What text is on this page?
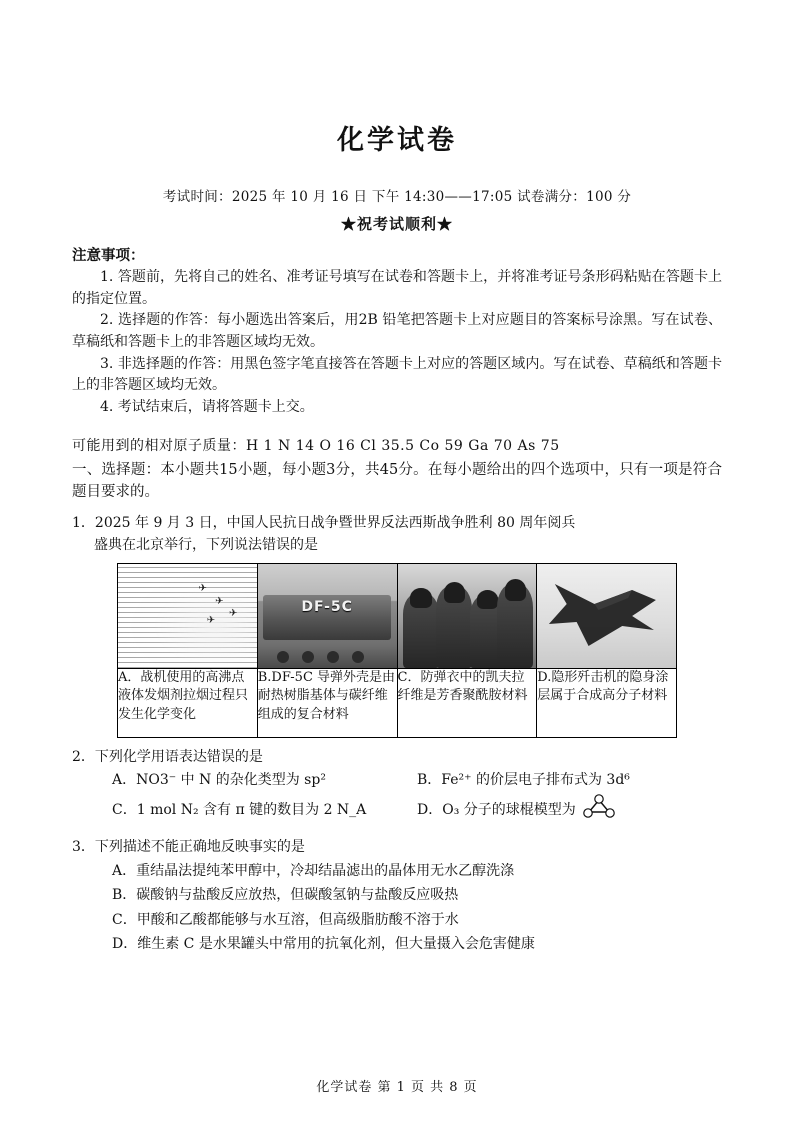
化学试卷
考试时间：2025 年 10 月 16 日 下午 14:30——17:05 试卷满分：100 分
★祝考试顺利★
注意事项：
1. 答题前，先将自己的姓名、准考证号填写在试卷和答题卡上，并将准考证号条形码粘贴在答题卡上的指定位置。
2. 选择题的作答：每小题选出答案后，用2B 铅笔把答题卡上对应题目的答案标号涂黑。写在试卷、草稿纸和答题卡上的非答题区域均无效。
3. 非选择题的作答：用黑色签字笔直接答在答题卡上对应的答题区域内。写在试卷、草稿纸和答题卡上的非答题区域均无效。
4. 考试结束后，请将答题卡上交。
可能用到的相对原子质量：H 1 N 14 O 16 Cl 35.5 Co 59 Ga 70 As 75
一、选择题：本小题共15小题，每小题3分，共45分。在每小题给出的四个选项中，只有一项是符合题目要求的。
1．2025 年 9 月 3 日，中国人民抗日战争暨世界反法西斯战争胜利 80 周年阅兵
盛典在北京举行，下列说法错误的是
✈
✈
✈
✈

DF-5C

A．战机使用的高沸点液体发烟剂拉烟过程只发生化学变化	B.DF-5C 导弹外壳是由耐热树脂基体与碳纤维组成的复合材料	C．防弹衣中的凯夫拉纤维是芳香聚酰胺材料	D.隐形歼击机的隐身涂层属于合成高分子材料
2．下列化学用语表达错误的是
A．NO3⁻ 中 N 的杂化类型为 sp²	B．Fe²⁺ 的价层电子排布式为 3d⁶
C．1 mol N₂ 含有 π 键的数目为 2 N_A	D．O₃ 分子的球棍模型为
3．下列描述不能正确地反映事实的是
A．重结晶法提纯苯甲醇中，冷却结晶滤出的晶体用无水乙醇洗涤
B．碳酸钠与盐酸反应放热，但碳酸氢钠与盐酸反应吸热
C．甲酸和乙酸都能够与水互溶，但高级脂肪酸不溶于水
D．维生素 C 是水果罐头中常用的抗氧化剂，但大量摄入会危害健康
化学试卷 第 1 页 共 8 页
